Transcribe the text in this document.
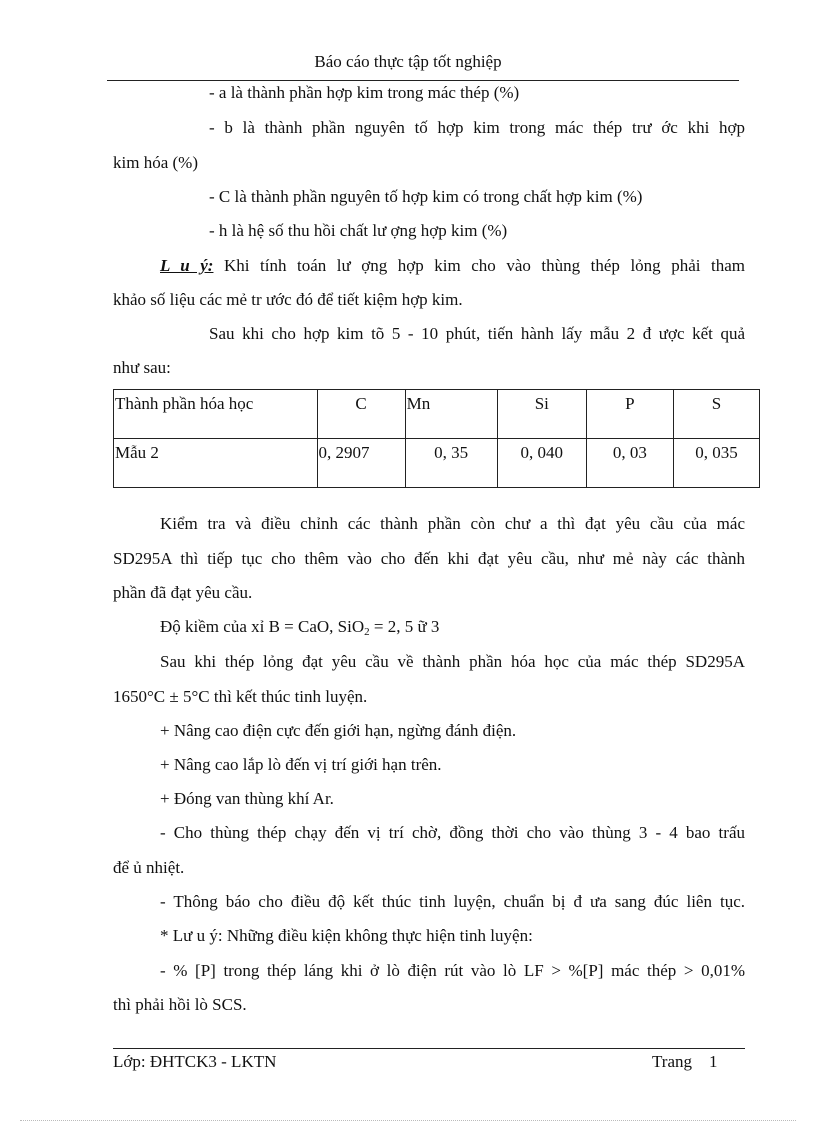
Báo cáo thực tập tốt nghiệp
- a là thành phần hợp kim trong mác thép (%)
- b là thành phần nguyên tố hợp kim trong mác thép trư ớc khi hợp
kim hóa (%)
- C là thành phần nguyên tố hợp kim có trong chất hợp kim (%)
- h là hệ số thu hồi chất lư ợng hợp kim (%)
L u ý: Khi tính toán lư ợng hợp kim cho vào thùng thép lỏng phải tham
khảo số liệu các mẻ tr ước đó để tiết kiệm hợp kim.
Sau khi cho hợp kim tõ 5 - 10 phút, tiến hành lấy mẫu 2 đ ược kết quả
như sau:
Thành phần hóa học	C	Mn	Si	P	S
Mẫu 2	0, 2907	0, 35	0, 040	0, 03	0, 035
Kiểm tra và điều chỉnh các thành phần còn chư a thì đạt yêu cầu của mác
SD295A thì tiếp tục cho thêm vào cho đến khi đạt yêu cầu, như mẻ này các thành
phần đã đạt yêu cầu.
Độ kiềm của xỉ B = CaO, SiO$_2$ = 2, 5 ữ 3
Sau khi thép lỏng đạt yêu cầu về thành phần hóa học của mác thép SD295A
1650°C ± 5°C thì kết thúc tinh luyện.
+ Nâng cao điện cực đến giới hạn, ngừng đánh điện.
+ Nâng cao lắp lò đến vị trí giới hạn trên.
+ Đóng van thùng khí Ar.
- Cho thùng thép chạy đến vị trí chờ, đồng thời cho vào thùng 3 - 4 bao trấu
để ủ nhiệt.
- Thông báo cho điều độ kết thúc tinh luyện, chuẩn bị đ ưa sang đúc liên tục.
* Lư u ý: Những điều kiện không thực hiện tinh luyện:
- % [P] trong thép láng khi ở lò điện rút vào lò LF > %[P] mác thép > 0,01%
thì phải hồi lò SCS.
Lớp: ĐHTCK3 - LKTN	Trang    1
